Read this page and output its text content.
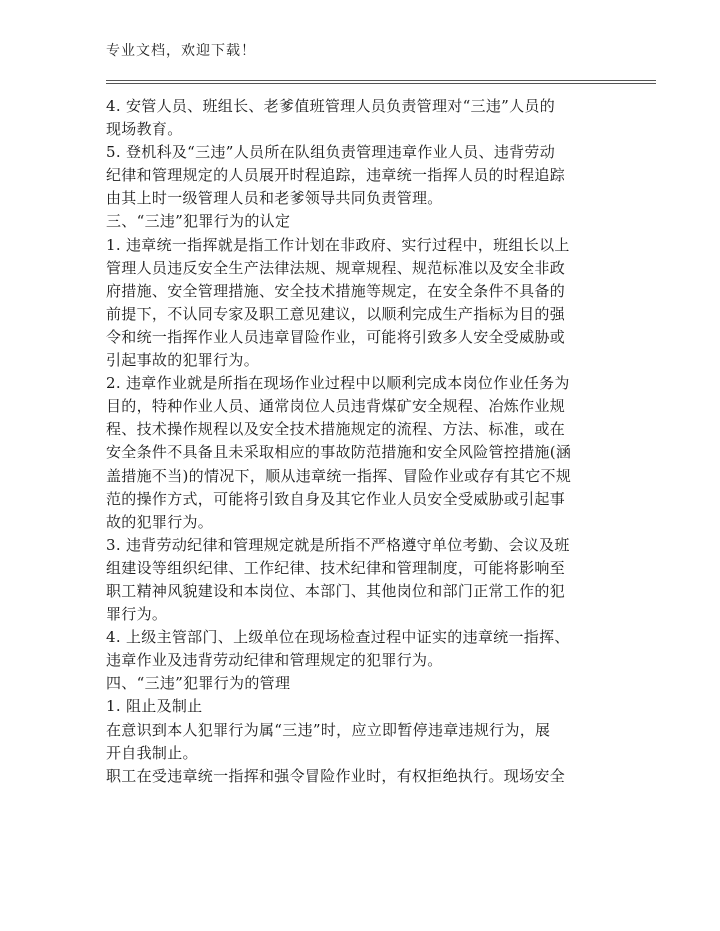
专业文档，欢迎下载！
4. 安管人员、班组长、老爹值班管理人员负责管理对“三违”人员的
现场教育。
5. 登机科及“三违”人员所在队组负责管理违章作业人员、违背劳动
纪律和管理规定的人员展开时程追踪，违章统一指挥人员的时程追踪
由其上时一级管理人员和老爹领导共同负责管理。
三、“三违”犯罪行为的认定
1. 违章统一指挥就是指工作计划在非政府、实行过程中，班组长以上
管理人员违反安全生产法律法规、规章规程、规范标准以及安全非政
府措施、安全管理措施、安全技术措施等规定，在安全条件不具备的
前提下，不认同专家及职工意见建议，以顺利完成生产指标为目的强
令和统一指挥作业人员违章冒险作业，可能将引致多人安全受威胁或
引起事故的犯罪行为。
2. 违章作业就是所指在现场作业过程中以顺利完成本岗位作业任务为
目的，特种作业人员、通常岗位人员违背煤矿安全规程、冶炼作业规
程、技术操作规程以及安全技术措施规定的流程、方法、标准，或在
安全条件不具备且未采取相应的事故防范措施和安全风险管控措施(涵
盖措施不当)的情况下，顺从违章统一指挥、冒险作业或存有其它不规
范的操作方式，可能将引致自身及其它作业人员安全受威胁或引起事
故的犯罪行为。
3. 违背劳动纪律和管理规定就是所指不严格遵守单位考勤、会议及班
组建设等组织纪律、工作纪律、技术纪律和管理制度，可能将影响至
职工精神风貌建设和本岗位、本部门、其他岗位和部门正常工作的犯
罪行为。
4. 上级主管部门、上级单位在现场检查过程中证实的违章统一指挥、
违章作业及违背劳动纪律和管理规定的犯罪行为。
四、“三违”犯罪行为的管理
1. 阻止及制止
在意识到本人犯罪行为属“三违”时，应立即暂停违章违规行为，展
开自我制止。
职工在受违章统一指挥和强令冒险作业时，有权拒绝执行。现场安全
